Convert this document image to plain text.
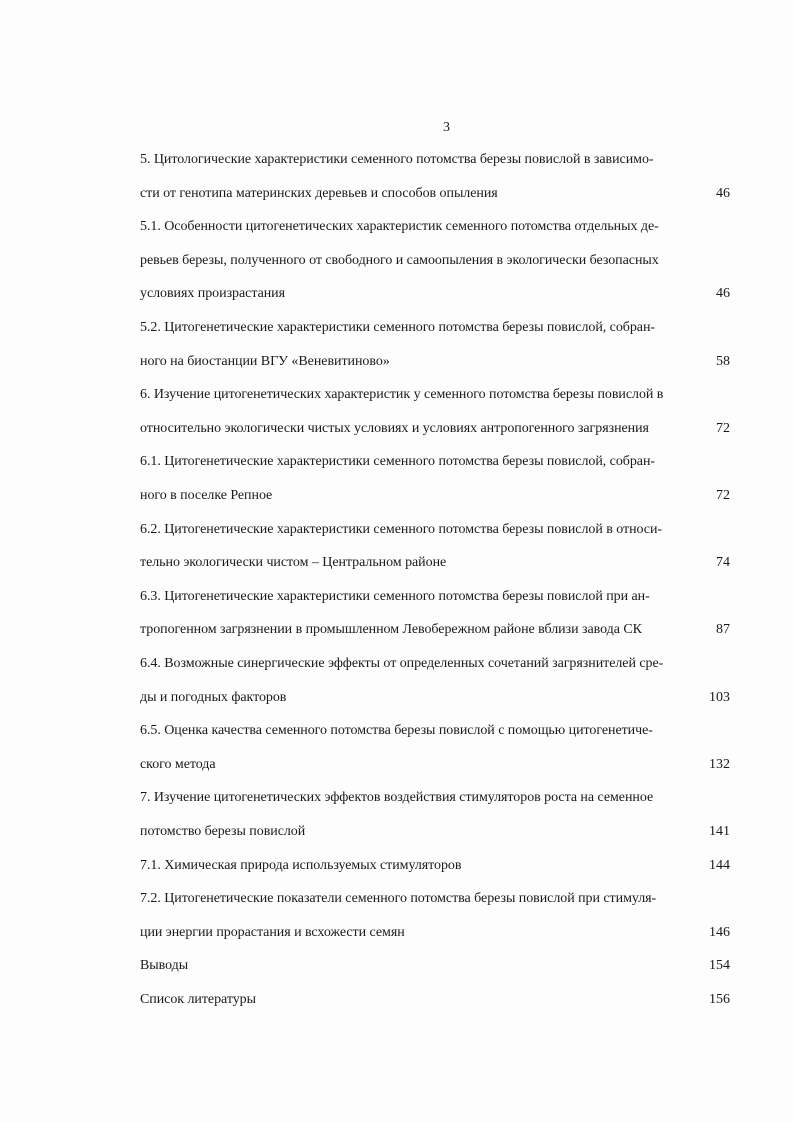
3
5. Цитологические характеристики семенного потомства березы повислой в зависимо-
сти от генотипа материнских деревьев и способов опыления	46
5.1. Особенности цитогенетических характеристик семенного потомства отдельных де-
ревьев березы, полученного от свободного и самоопыления в экологически безопасных
условиях произрастания	46
5.2. Цитогенетические характеристики семенного потомства березы повислой, собран-
ного на биостанции ВГУ «Веневитиново»	58
6. Изучение цитогенетических характеристик у семенного потомства березы повислой в
относительно экологически чистых условиях и условиях антропогенного загрязнения	72
6.1. Цитогенетические характеристики семенного потомства березы повислой, собран-
ного в поселке Репное	72
6.2. Цитогенетические характеристики семенного потомства березы повислой в относи-
тельно экологически чистом – Центральном районе	74
6.3. Цитогенетические характеристики семенного потомства березы повислой при ан-
тропогенном загрязнении в промышленном Левобережном районе вблизи завода СК	87
6.4. Возможные синергические эффекты от определенных сочетаний загрязнителей сре-
ды и погодных факторов	103
6.5. Оценка качества семенного потомства березы повислой с помощью цитогенетиче-
ского метода	132
7. Изучение цитогенетических эффектов воздействия стимуляторов роста на семенное
потомство березы повислой	141
7.1. Химическая природа используемых стимуляторов	144
7.2. Цитогенетические показатели семенного потомства березы повислой при стимуля-
ции энергии прорастания и всхожести семян	146
Выводы	154
Список литературы	156
